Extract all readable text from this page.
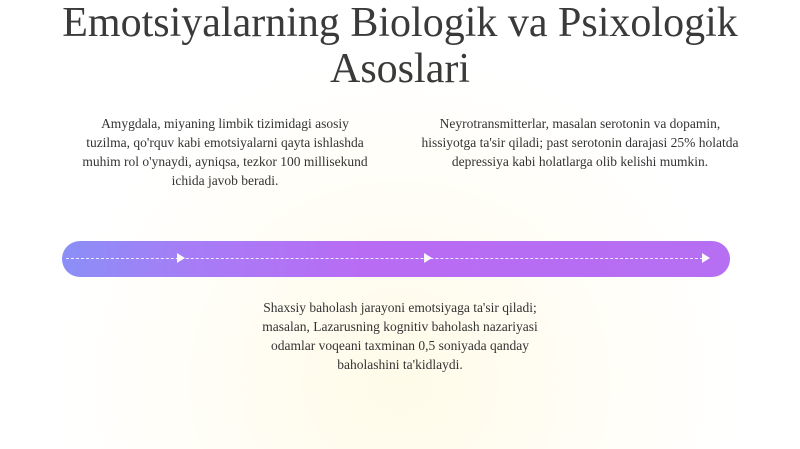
Emotsiyalarning Biologik va Psixologik Asoslari
Amygdala, miyaning limbik tizimidagi asosiy tuzilma, qo'rquv kabi emotsiyalarni qayta ishlashda muhim rol o'ynaydi, ayniqsa, tezkor 100 millisekund ichida javob beradi.
Neyrotransmitterlar, masalan serotonin va dopamin, hissiyotga ta'sir qiladi; past serotonin darajasi 25% holatda depressiya kabi holatlarga olib kelishi mumkin.
Shaxsiy baholash jarayoni emotsiyaga ta'sir qiladi; masalan, Lazarusning kognitiv baholash nazariyasi odamlar voqeani taxminan 0,5 soniyada qanday baholashini ta'kidlaydi.
